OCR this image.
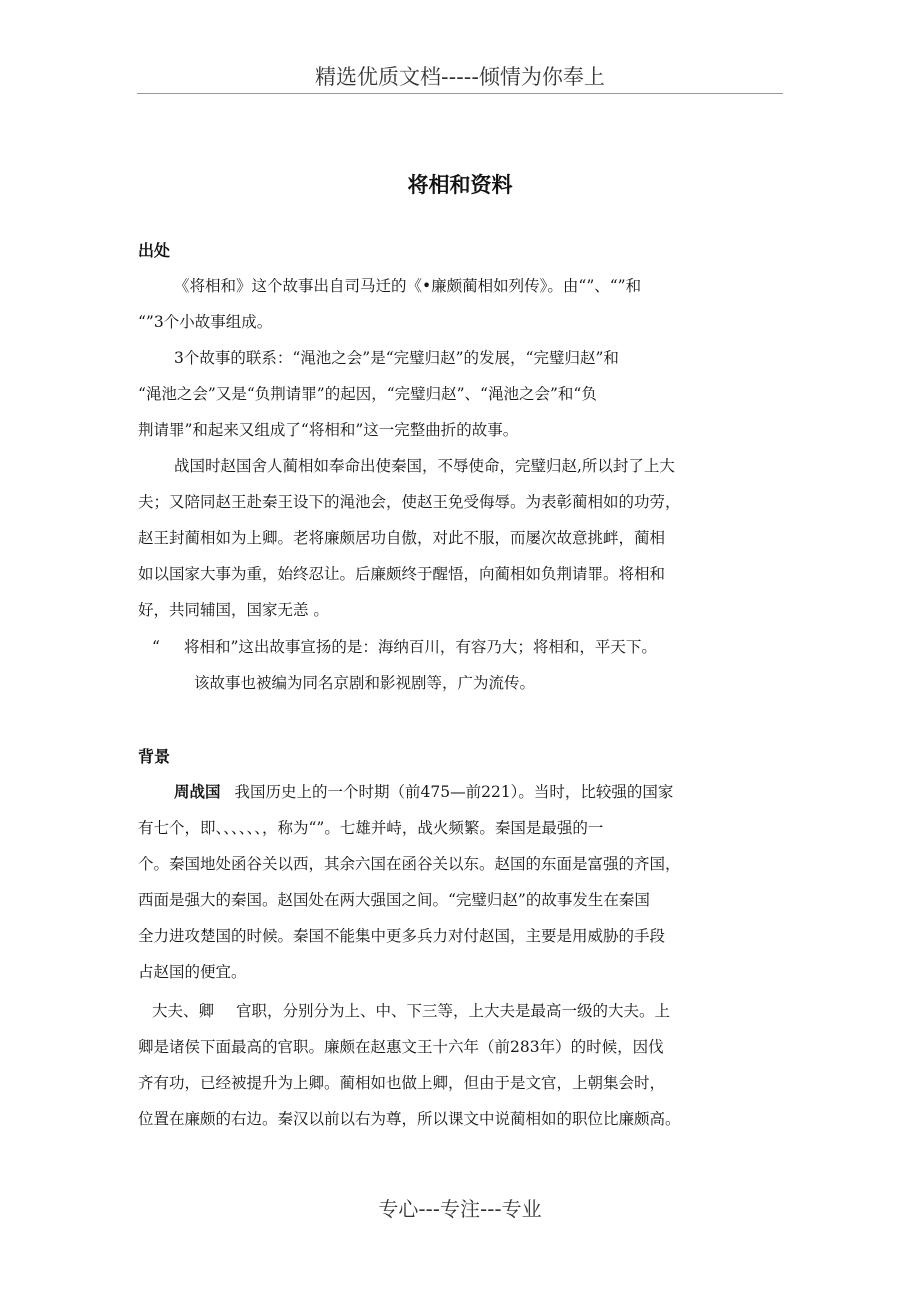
精选优质文档-----倾情为你奉上
将相和资料
出处
《将相和》这个故事出自司马迁的《•廉颇蔺相如列传》。由“”、“”和
“”3个小故事组成。
3个故事的联系：“渑池之会”是“完璧归赵”的发展，“完璧归赵”和
“渑池之会”又是“负荆请罪”的起因，“完璧归赵”、“渑池之会”和“负
荆请罪”和起来又组成了“将相和”这一完整曲折的故事。
战国时赵国舍人蔺相如奉命出使秦国，不辱使命，完璧归赵,所以封了上大
夫；又陪同赵王赴秦王设下的渑池会，使赵王免受侮辱。为表彰蔺相如的功劳，
赵王封蔺相如为上卿。老将廉颇居功自傲，对此不服，而屡次故意挑衅，蔺相
如以国家大事为重，始终忍让。后廉颇终于醒悟，向蔺相如负荆请罪。将相和
好，共同辅国，国家无恙 。
“ 将相和”这出故事宣扬的是：海纳百川，有容乃大；将相和，平天下。
该故事也被编为同名京剧和影视剧等，广为流传。
背景
周战国 我国历史上的一个时期（前475—前221）。当时，比较强的国家
有七个，即、、、、、、，称为“”。七雄并峙，战火频繁。秦国是最强的一
个。秦国地处函谷关以西，其余六国在函谷关以东。赵国的东面是富强的齐国，
西面是强大的秦国。赵国处在两大强国之间。“完璧归赵”的故事发生在秦国
全力进攻楚国的时候。秦国不能集中更多兵力对付赵国，主要是用威胁的手段
占赵国的便宜。
大夫、卿 官职，分别分为上、中、下三等，上大夫是最高一级的大夫。上
卿是诸侯下面最高的官职。廉颇在赵惠文王十六年（前283年）的时候，因伐
齐有功，已经被提升为上卿。蔺相如也做上卿，但由于是文官，上朝集会时，
位置在廉颇的右边。秦汉以前以右为尊，所以课文中说蔺相如的职位比廉颇高。
专心---专注---专业
